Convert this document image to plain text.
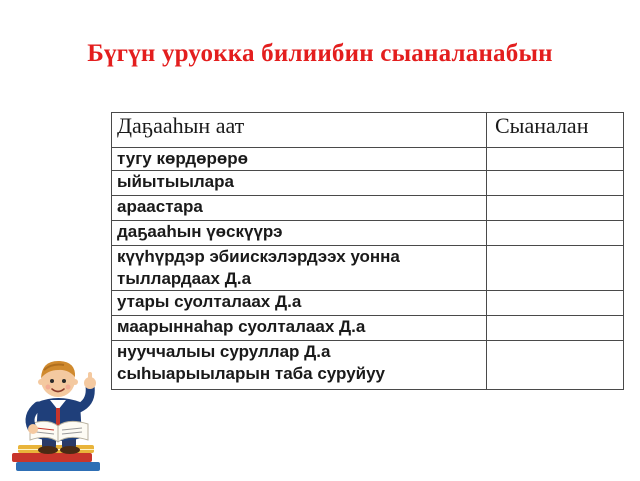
Бүгүн уруокка билиибин сыаналанабын
Даҕааһын аат	Сыаналан
тугу көрдөрөрө	
ыйытыылара	
араастара	
даҕааһын үөскүүрэ	
күүһүрдэр эбиискэлэрдээх уонна тыллардаах Д.а	
утары суолталаах Д.а	
маарыннаһар суолталаах Д.а	
нууччалыы суруллар Д.а сыһыарыыларын таба суруйуу	
